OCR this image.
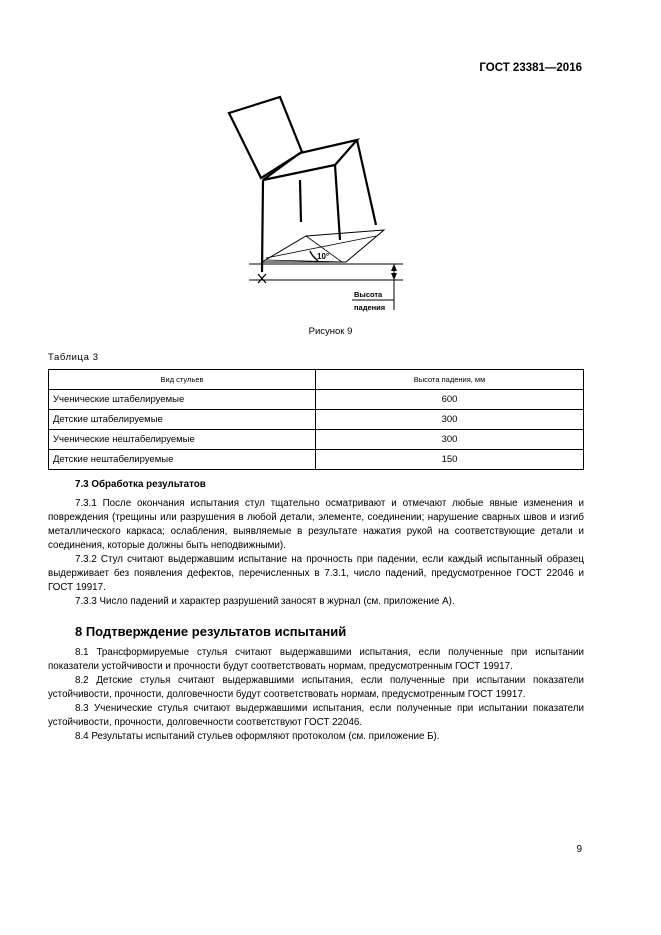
ГОСТ 23381—2016
10°
Высота
падения
Рисунок 9
Таблица 3
Вид стульев	Высота падения, мм
Ученические штабелируемые	600
Детские штабелируемые	300
Ученические нештабелируемые	300
Детские нештабелируемые	150

7.3 Обработка результатов

7.3.1 После окончания испытания стул тщательно осматривают и отмечают любые явные изменения и повреждения (трещины или разрушения в любой детали, элементе, соединении; нарушение сварных швов и изгиб металлического каркаса; ослабления, выявляемые в результате нажатия рукой на соответствующие детали и соединения, которые должны быть неподвижными).

7.3.2 Стул считают выдержавшим испытание на прочность при падении, если каждый испытанный образец выдерживает без появления дефектов, перечисленных в 7.3.1, число падений, предусмотренное ГОСТ 22046 и ГОСТ 19917.

7.3.3 Число падений и характер разрушений заносят в журнал (см. приложение А).

8 Подтверждение результатов испытаний

8.1 Трансформируемые стулья считают выдержавшими испытания, если полученные при испытании показатели устойчивости и прочности будут соответствовать нормам, предусмотренным ГОСТ 19917.

8.2 Детские стулья считают выдержавшими испытания, если полученные при испытании показатели устойчивости, прочности, долговечности будут соответствовать нормам, предусмотренным ГОСТ 19917.

8.3 Ученические стулья считают выдержавшими испытания, если полученные при испытании показатели устойчивости, прочности, долговечности соответствуют ГОСТ 22046.

8.4 Результаты испытаний стульев оформляют протоколом (см. приложение Б).

9
